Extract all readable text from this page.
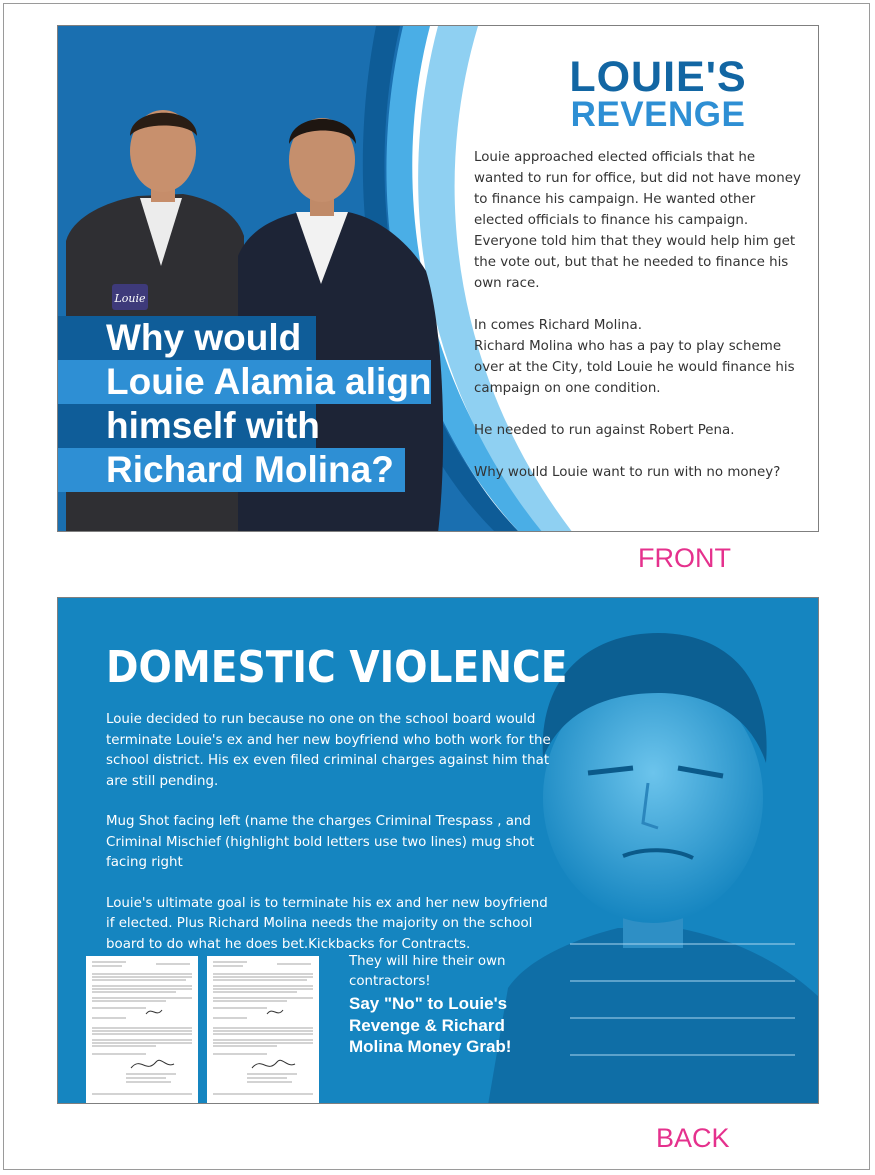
Louie
LOUIE'S
REVENGE
Why would
Louie Alamia align
himself with
Richard Molina?

Louie approached elected officials that he wanted to run for office, but did not have money to finance his campaign. He wanted other elected officials to finance his campaign. Everyone told him that they would help him get the vote out, but that he needed to finance his own race.

In comes Richard Molina.

Richard Molina who has a pay to play scheme over at the City, told Louie he would finance his campaign on one condition.

He needed to run against Robert Pena.

Why would Louie want to run with no money?

FRONT
DOMESTIC VIOLENCE

Louie decided to run because no one on the school board would terminate Louie's ex and her new boyfriend who both work for the school district. His ex even filed criminal charges against him that are still pending.

Mug Shot facing left (name the charges Criminal Trespass , and Criminal Mischief (highlight bold letters use two lines) mug shot facing right

Louie's ultimate goal is to terminate his ex and her new boyfriend if elected. Plus Richard Molina needs the majority on the school board to do what he does bet.Kickbacks for Contracts.

They will hire their own contractors!
Say "No" to Louie's Revenge & Richard Molina Money Grab!
BACK
